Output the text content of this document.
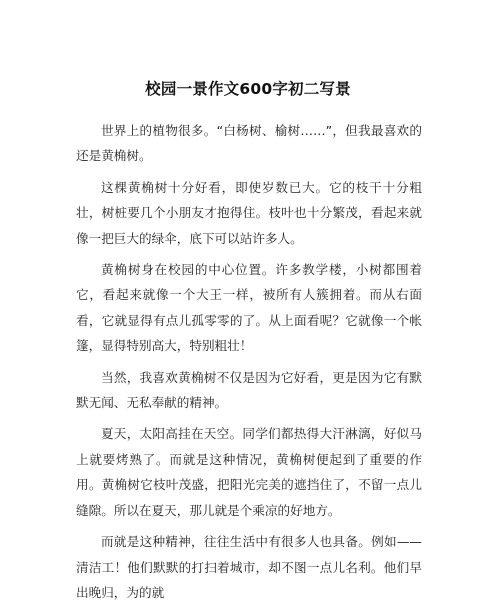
校园一景作文600字初二写景

世界上的植物很多。“白杨树、榆树……”，但我最喜欢的还是黄桷树。

这棵黄桷树十分好看，即使岁数已大。它的枝干十分粗壮，树桩要几个小朋友才抱得住。枝叶也十分繁茂，看起来就像一把巨大的绿伞，底下可以站许多人。

黄桷树身在校园的中心位置。许多教学楼，小树都围着它，看起来就像一个大王一样，被所有人簇拥着。而从右面看，它就显得有点儿孤零零的了。从上面看呢？它就像一个帐篷，显得特别高大，特别粗壮！

当然，我喜欢黄桷树不仅是因为它好看，更是因为它有默默无闻、无私奉献的精神。

夏天，太阳高挂在天空。同学们都热得大汗淋漓，好似马上就要烤熟了。而就是这种情况，黄桷树便起到了重要的作用。黄桷树它枝叶茂盛，把阳光完美的遮挡住了，不留一点儿缝隙。所以在夏天，那儿就是个乘凉的好地方。

而就是这种精神，往往生活中有很多人也具备。例如——清洁工！他们默默的打扫着城市，却不图一点儿名利。他们早出晚归，为的就
